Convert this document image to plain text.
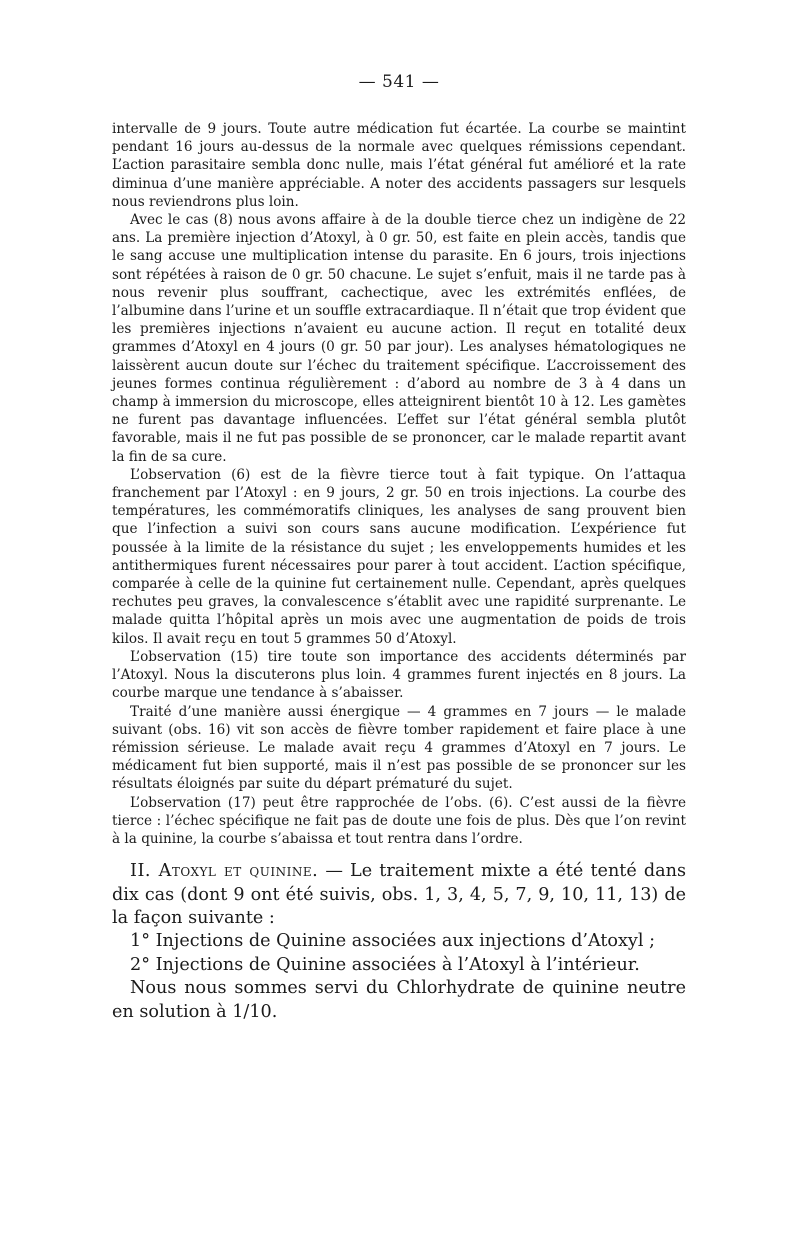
— 541 —

intervalle de 9 jours. Toute autre médication fut écartée. La courbe se maintint pendant 16 jours au-dessus de la normale avec quelques rémissions cependant. L’action parasitaire sembla donc nulle, mais l’état général fut amélioré et la rate diminua d’une manière appréciable. A noter des accidents passagers sur lesquels nous reviendrons plus loin.

Avec le cas (8) nous avons affaire à de la double tierce chez un indigène de 22 ans. La première injection d’Atoxyl, à 0 gr. 50, est faite en plein accès, tandis que le sang accuse une multiplication intense du parasite. En 6 jours, trois injections sont répétées à raison de 0 gr. 50 chacune. Le sujet s’enfuit, mais il ne tarde pas à nous revenir plus souffrant, cachectique, avec les extrémités enflées, de l’albumine dans l’urine et un souffle extracardiaque. Il n’était que trop évident que les premières injections n’avaient eu aucune action. Il reçut en totalité deux grammes d’Atoxyl en 4 jours (0 gr. 50 par jour). Les analyses hématologiques ne laissèrent aucun doute sur l’échec du traitement spécifique. L’accroissement des jeunes formes continua régulièrement : d’abord au nombre de 3 à 4 dans un champ à immersion du microscope, elles atteignirent bientôt 10 à 12. Les gamètes ne furent pas davantage influencées. L’effet sur l’état général sembla plutôt favorable, mais il ne fut pas possible de se prononcer, car le malade repartit avant la fin de sa cure.

L’observation (6) est de la fièvre tierce tout à fait typique. On l’attaqua franchement par l’Atoxyl : en 9 jours, 2 gr. 50 en trois injections. La courbe des températures, les commémoratifs cliniques, les analyses de sang prouvent bien que l’infection a suivi son cours sans aucune modification. L’expérience fut poussée à la limite de la résistance du sujet ; les enveloppements humides et les antithermiques furent nécessaires pour parer à tout accident. L’action spécifique, comparée à celle de la quinine fut certainement nulle. Cependant, après quelques rechutes peu graves, la convalescence s’établit avec une rapidité surprenante. Le malade quitta l’hôpital après un mois avec une augmentation de poids de trois kilos. Il avait reçu en tout 5 grammes 50 d’Atoxyl.

L’observation (15) tire toute son importance des accidents déterminés par l’Atoxyl. Nous la discuterons plus loin. 4 grammes furent injectés en 8 jours. La courbe marque une tendance à s’abaisser.

Traité d’une manière aussi énergique — 4 grammes en 7 jours — le malade suivant (obs. 16) vit son accès de fièvre tomber rapidement et faire place à une rémission sérieuse. Le malade avait reçu 4 grammes d’Atoxyl en 7 jours. Le médicament fut bien supporté, mais il n’est pas possible de se prononcer sur les résultats éloignés par suite du départ prématuré du sujet.

L’observation (17) peut être rapprochée de l’obs. (6). C’est aussi de la fièvre tierce : l’échec spécifique ne fait pas de doute une fois de plus. Dès que l’on revint à la quinine, la courbe s’abaissa et tout rentra dans l’ordre.

II. Atoxyl et quinine. — Le traitement mixte a été tenté dans dix cas (dont 9 ont été suivis, obs. 1, 3, 4, 5, 7, 9, 10, 11, 13) de la façon suivante :

1° Injections de Quinine associées aux injections d’Atoxyl ;

2° Injections de Quinine associées à l’Atoxyl à l’intérieur.

Nous nous sommes servi du Chlorhydrate de quinine neutre en solution à 1/10.
